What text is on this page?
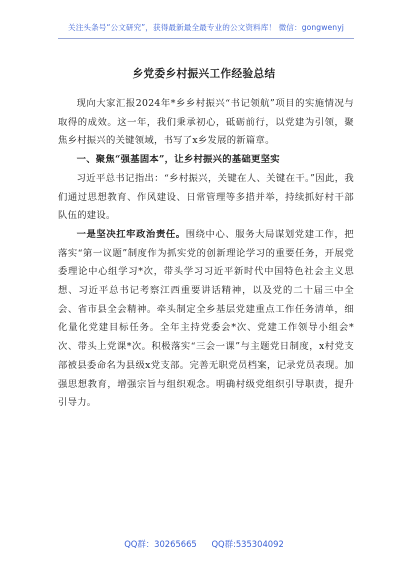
关注头条号“公文研究”，获得最新最全最专业的公文资料库！ 微信：gongwenyj
乡党委乡村振兴工作经验总结

现向大家汇报2024年*乡乡村振兴“书记领航”项目的实施情况与取得的成效。这一年，我们秉承初心，砥砺前行，以党建为引领，聚焦乡村振兴的关键领域，书写了x乡发展的新篇章。

一、聚焦“强基固本”，让乡村振兴的基础更坚实

习近平总书记指出：“乡村振兴，关键在人、关键在干。”因此，我们通过思想教育、作风建设、日常管理等多措并举，持续抓好村干部队伍的建设。

一是坚决扛牢政治责任。围绕中心、服务大局谋划党建工作，把落实“第一议题”制度作为抓实党的创新理论学习的重要任务，开展党委理论中心组学习*次，带头学习习近平新时代中国特色社会主义思想、习近平总书记考察江西重要讲话精神，以及党的二十届三中全会、省市县全会精神。牵头制定全乡基层党建重点工作任务清单，细化量化党建目标任务。全年主持党委会*次、党建工作领导小组会*次、带头上党课*次。积极落实“三会一课”与主题党日制度，x村党支部被县委命名为县级x党支部。完善无职党员档案，记录党员表现。加强思想教育，增强宗旨与组织观念。明确村级党组织引导职责，提升引导力。

QQ群：30265665 QQ群:535304092
